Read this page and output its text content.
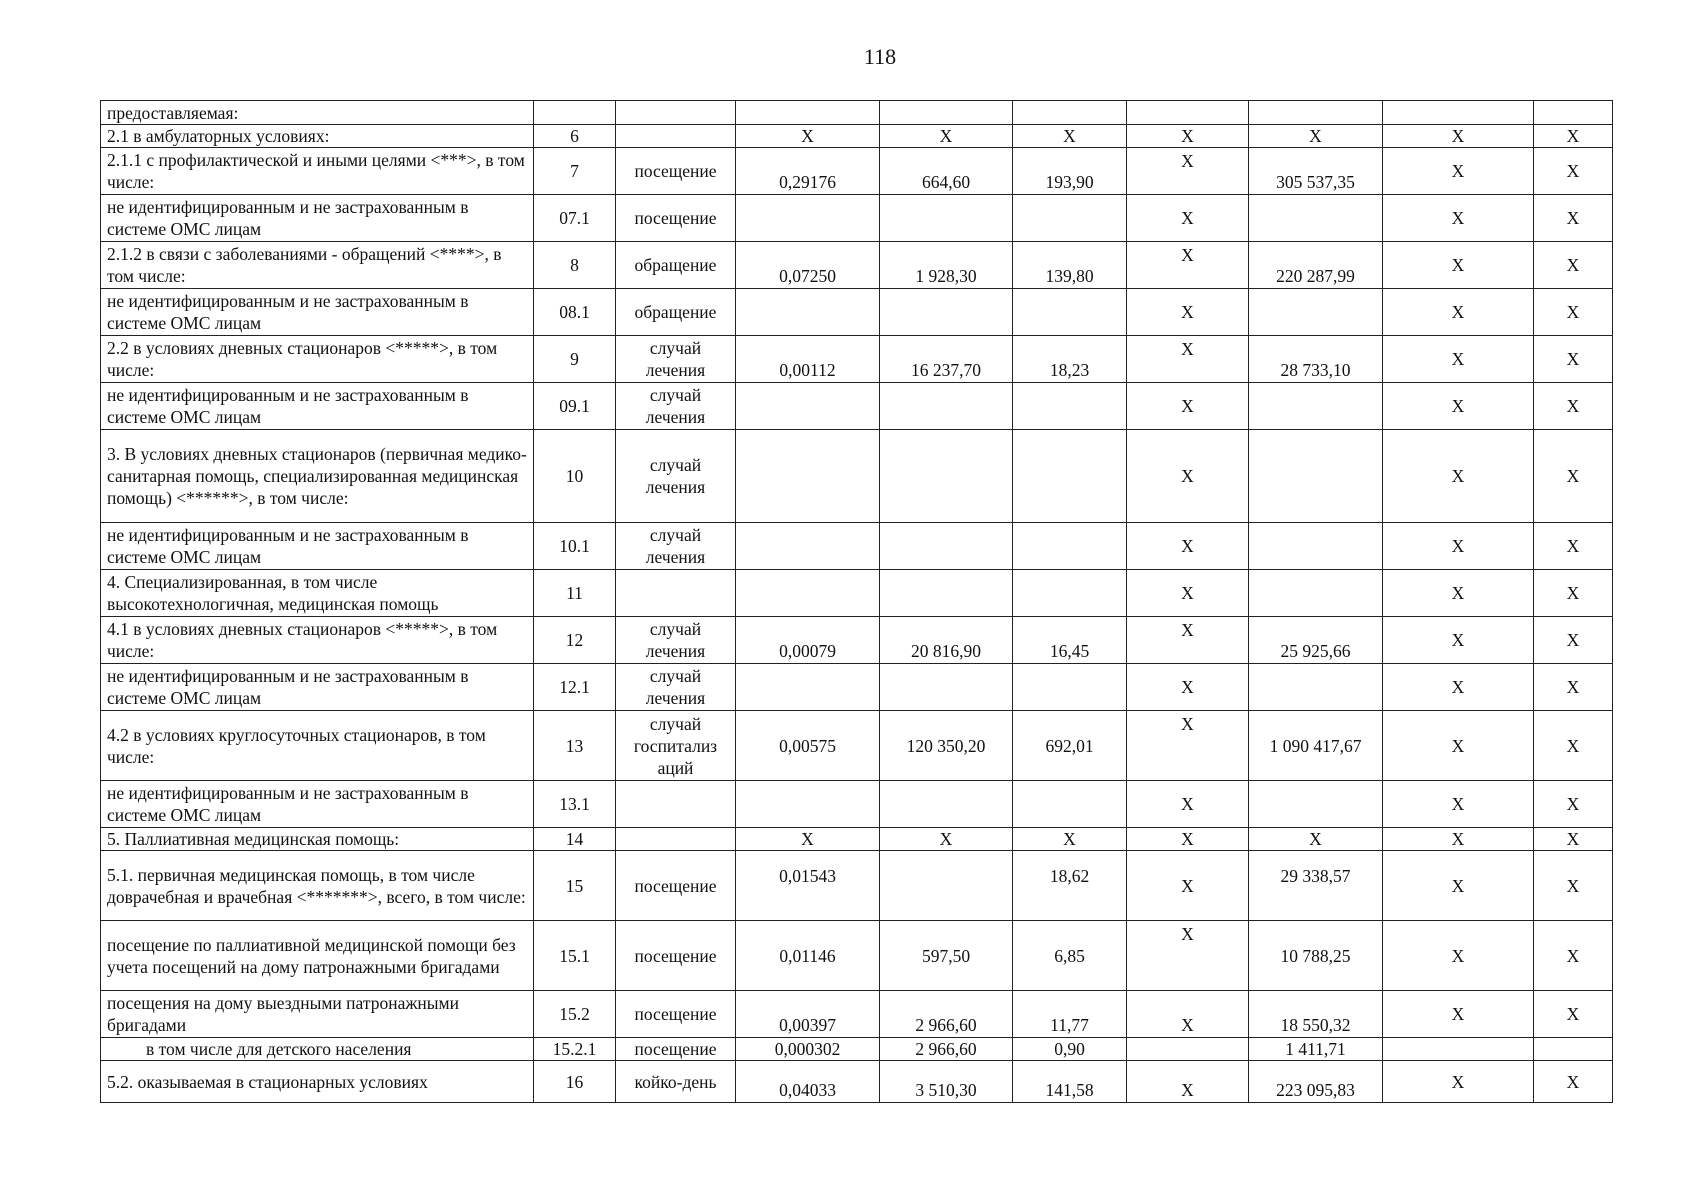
118
предоставляемая:									
2.1 в амбулаторных условиях:	6		Х	Х	Х	Х	Х	Х	Х
2.1.1 с профилактической и иными целями <***>, в том числе:	7	посещение	0,29176	664,60	193,90	Х	305 537,35	Х	Х
не идентифицированным и не застрахованным в системе ОМС лицам	07.1	посещение				Х		Х	Х
2.1.2 в связи с заболеваниями - обращений <****>, в том числе:	8	обращение	0,07250	1 928,30	139,80	Х	220 287,99	Х	Х
не идентифицированным и не застрахованным в системе ОМС лицам	08.1	обращение				Х		Х	Х
2.2 в условиях дневных стационаров <*****>, в том числе:	9	случай лечения	0,00112	16 237,70	18,23	Х	28 733,10	Х	Х
не идентифицированным и не застрахованным в системе ОМС лицам	09.1	случай лечения				Х		Х	Х
3. В условиях дневных стационаров (первичная медико-санитарная помощь, специализированная медицинская помощь) <******>, в том числе:	10	случай лечения				Х		Х	Х
не идентифицированным и не застрахованным в системе ОМС лицам	10.1	случай лечения				Х		Х	Х
4. Специализированная, в том числе высокотехнологичная, медицинская помощь	11					Х		Х	Х
4.1 в условиях дневных стационаров <*****>, в том числе:	12	случай лечения	0,00079	20 816,90	16,45	Х	25 925,66	Х	Х
не идентифицированным и не застрахованным в системе ОМС лицам	12.1	случай лечения				Х		Х	Х
4.2 в условиях круглосуточных стационаров, в том числе:	13	случай госпитализ аций	0,00575	120 350,20	692,01	Х	1 090 417,67	Х	Х
не идентифицированным и не застрахованным в системе ОМС лицам	13.1					Х		Х	Х
5. Паллиативная медицинская помощь:	14		Х	Х	Х	Х	Х	Х	Х
5.1. первичная медицинская помощь, в том числе доврачебная и врачебная <*******>, всего, в том числе:	15	посещение	0,01543		18,62	Х	29 338,57	Х	Х
посещение по паллиативной медицинской помощи без учета посещений на дому патронажными бригадами	15.1	посещение	0,01146	597,50	6,85	Х	10 788,25	Х	Х
посещения на дому выездными патронажными бригадами	15.2	посещение	0,00397	2 966,60	11,77	Х	18 550,32	Х	Х
в том числе для детского населения	15.2.1	посещение	0,000302	2 966,60	0,90		1 411,71		
5.2. оказываемая в стационарных условиях	16	койко-день	0,04033	3 510,30	141,58	Х	223 095,83	Х	Х
